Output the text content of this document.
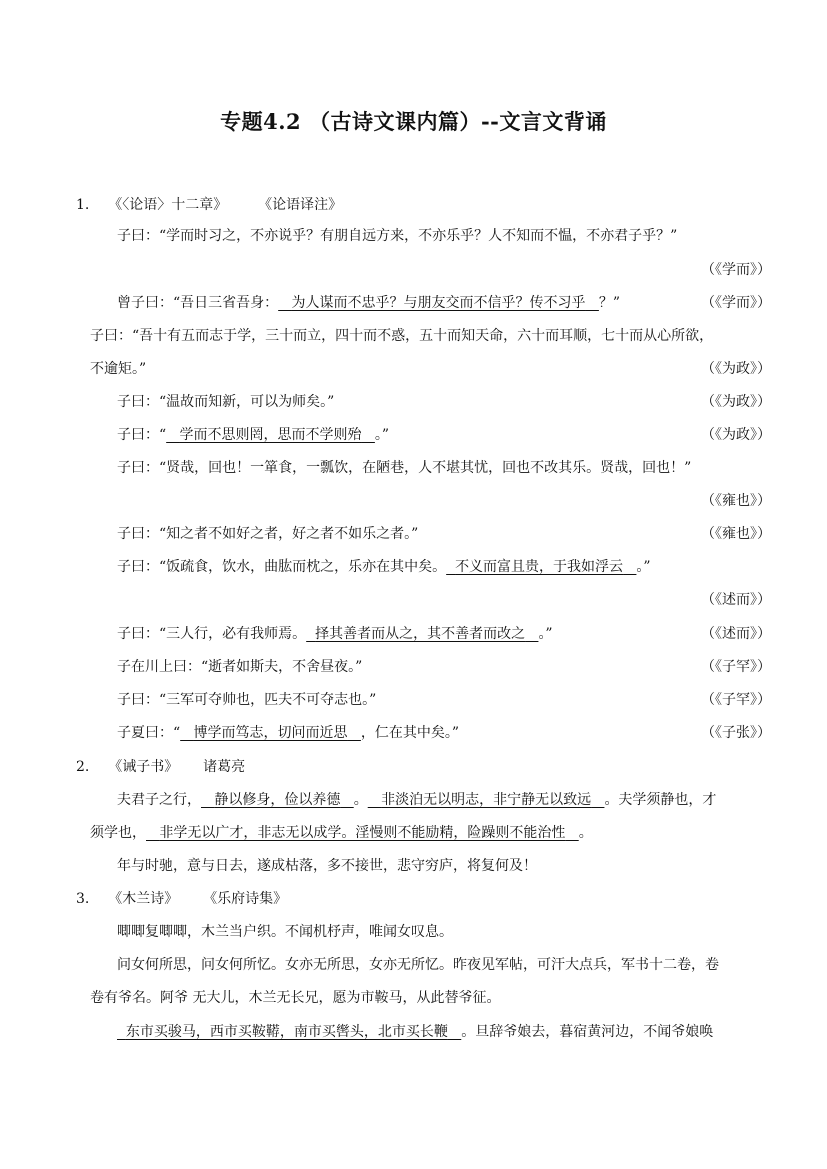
专题4.2 （古诗文课内篇）--文言文背诵
1. 《〈论语〉十二章》 《论语译注》
子曰：“学而时习之，不亦说乎？有朋自远方来，不亦乐乎？人不知而不愠，不亦君子乎？”
（《学而》）
曾子曰：“吾日三省吾身： 为人谋而不忠乎？与朋友交而不信乎？传不习乎 ？”	（《学而》）
子曰：“吾十有五而志于学，三十而立，四十而不惑，五十而知天命，六十而耳顺，七十而从心所欲，
不逾矩。”	（《为政》）
子曰：“温故而知新，可以为师矣。”	（《为政》）
子曰：“ 学而不思则罔，思而不学则殆 。”	（《为政》）
子曰：“贤哉，回也！一箪食，一瓢饮，在陋巷，人不堪其忧，回也不改其乐。贤哉，回也！”
（《雍也》）
子曰：“知之者不如好之者，好之者不如乐之者。”	（《雍也》）
子曰：“饭疏食，饮水，曲肱而枕之，乐亦在其中矣。 不义而富且贵，于我如浮云 。”
（《述而》）
子曰：“三人行，必有我师焉。 择其善者而从之，其不善者而改之 。”	（《述而》）
子在川上曰：“逝者如斯夫，不舍昼夜。”	（《子罕》）
子曰：“三军可夺帅也，匹夫不可夺志也。”	（《子罕》）
子夏曰：“ 博学而笃志，切问而近思 ，仁在其中矣。”	（《子张》）
2. 《诫子书》 诸葛亮
夫君子之行， 静以修身，俭以养德 。 非淡泊无以明志，非宁静无以致远 。夫学须静也，才
须学也， 非学无以广才，非志无以成学。淫慢则不能励精，险躁则不能治性 。
年与时驰，意与日去，遂成枯落，多不接世，悲守穷庐，将复何及！
3. 《木兰诗》 《乐府诗集》
唧唧复唧唧，木兰当户织。不闻机杼声，唯闻女叹息。
问女何所思，问女何所忆。女亦无所思，女亦无所忆。昨夜见军帖，可汗大点兵，军书十二卷，卷
卷有爷名。阿爷 无大儿，木兰无长兄，愿为市鞍马，从此替爷征。
东市买骏马，西市买鞍鞯，南市买辔头，北市买长鞭 。旦辞爷娘去，暮宿黄河边，不闻爷娘唤
